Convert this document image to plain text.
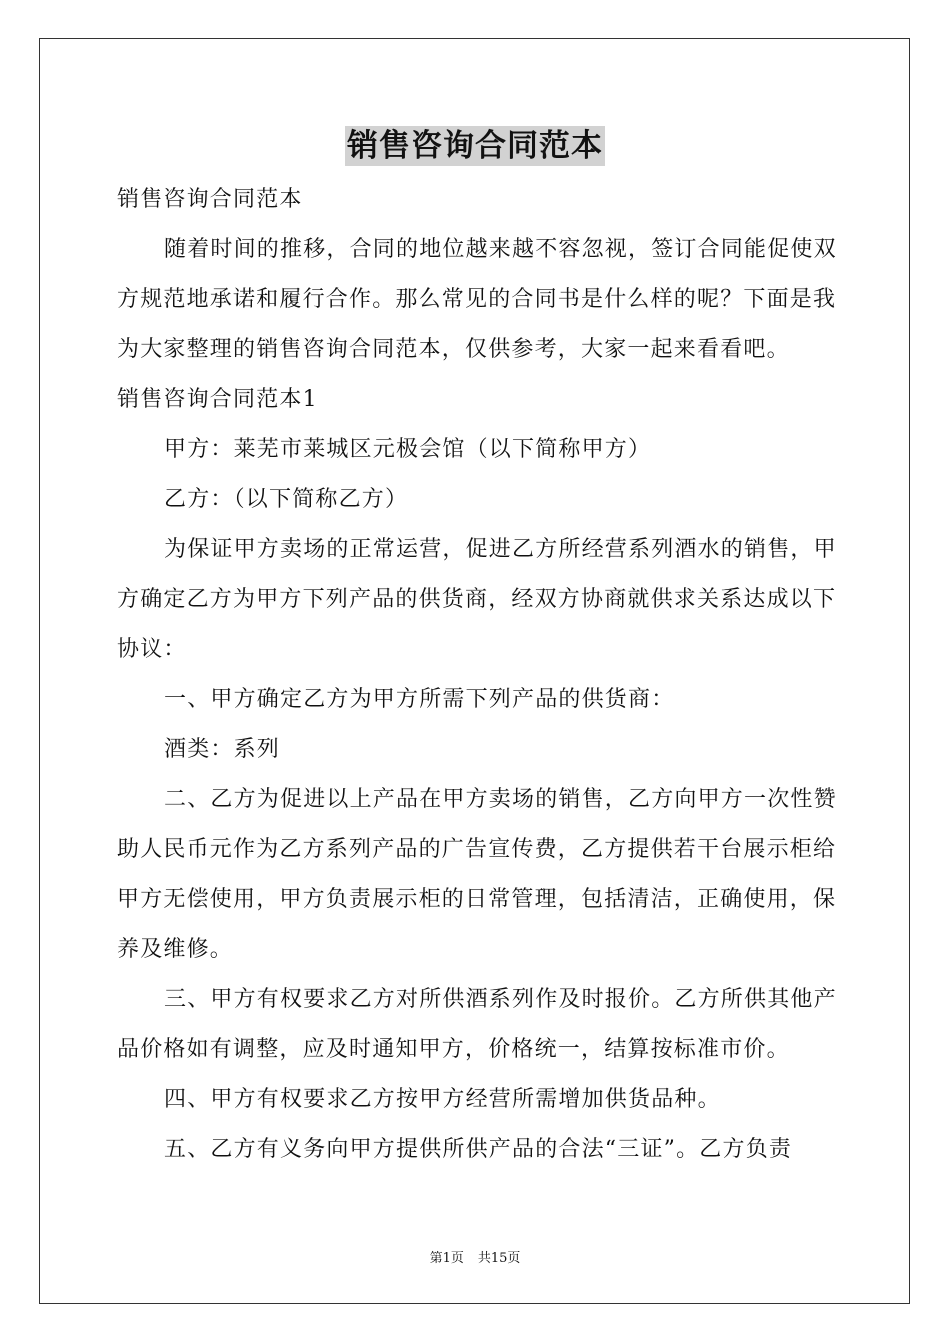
销售咨询合同范本

销售咨询合同范本

随着时间的推移，合同的地位越来越不容忽视，签订合同能促使双方规范地承诺和履行合作。那么常见的合同书是什么样的呢？下面是我为大家整理的销售咨询合同范本，仅供参考，大家一起来看看吧。

销售咨询合同范本1

甲方：莱芜市莱城区元极会馆（以下简称甲方）

乙方：（以下简称乙方）

为保证甲方卖场的正常运营，促进乙方所经营系列酒水的销售，甲方确定乙方为甲方下列产品的供货商，经双方协商就供求关系达成以下协议：

一、甲方确定乙方为甲方所需下列产品的供货商：

酒类：系列

二、乙方为促进以上产品在甲方卖场的销售，乙方向甲方一次性赞助人民币元作为乙方系列产品的广告宣传费，乙方提供若干台展示柜给甲方无偿使用，甲方负责展示柜的日常管理，包括清洁，正确使用，保养及维修。

三、甲方有权要求乙方对所供酒系列作及时报价。乙方所供其他产品价格如有调整，应及时通知甲方，价格统一，结算按标准市价。

四、甲方有权要求乙方按甲方经营所需增加供货品种。

五、乙方有义务向甲方提供所供产品的合法“三证”。乙方负责

第1页 共15页
